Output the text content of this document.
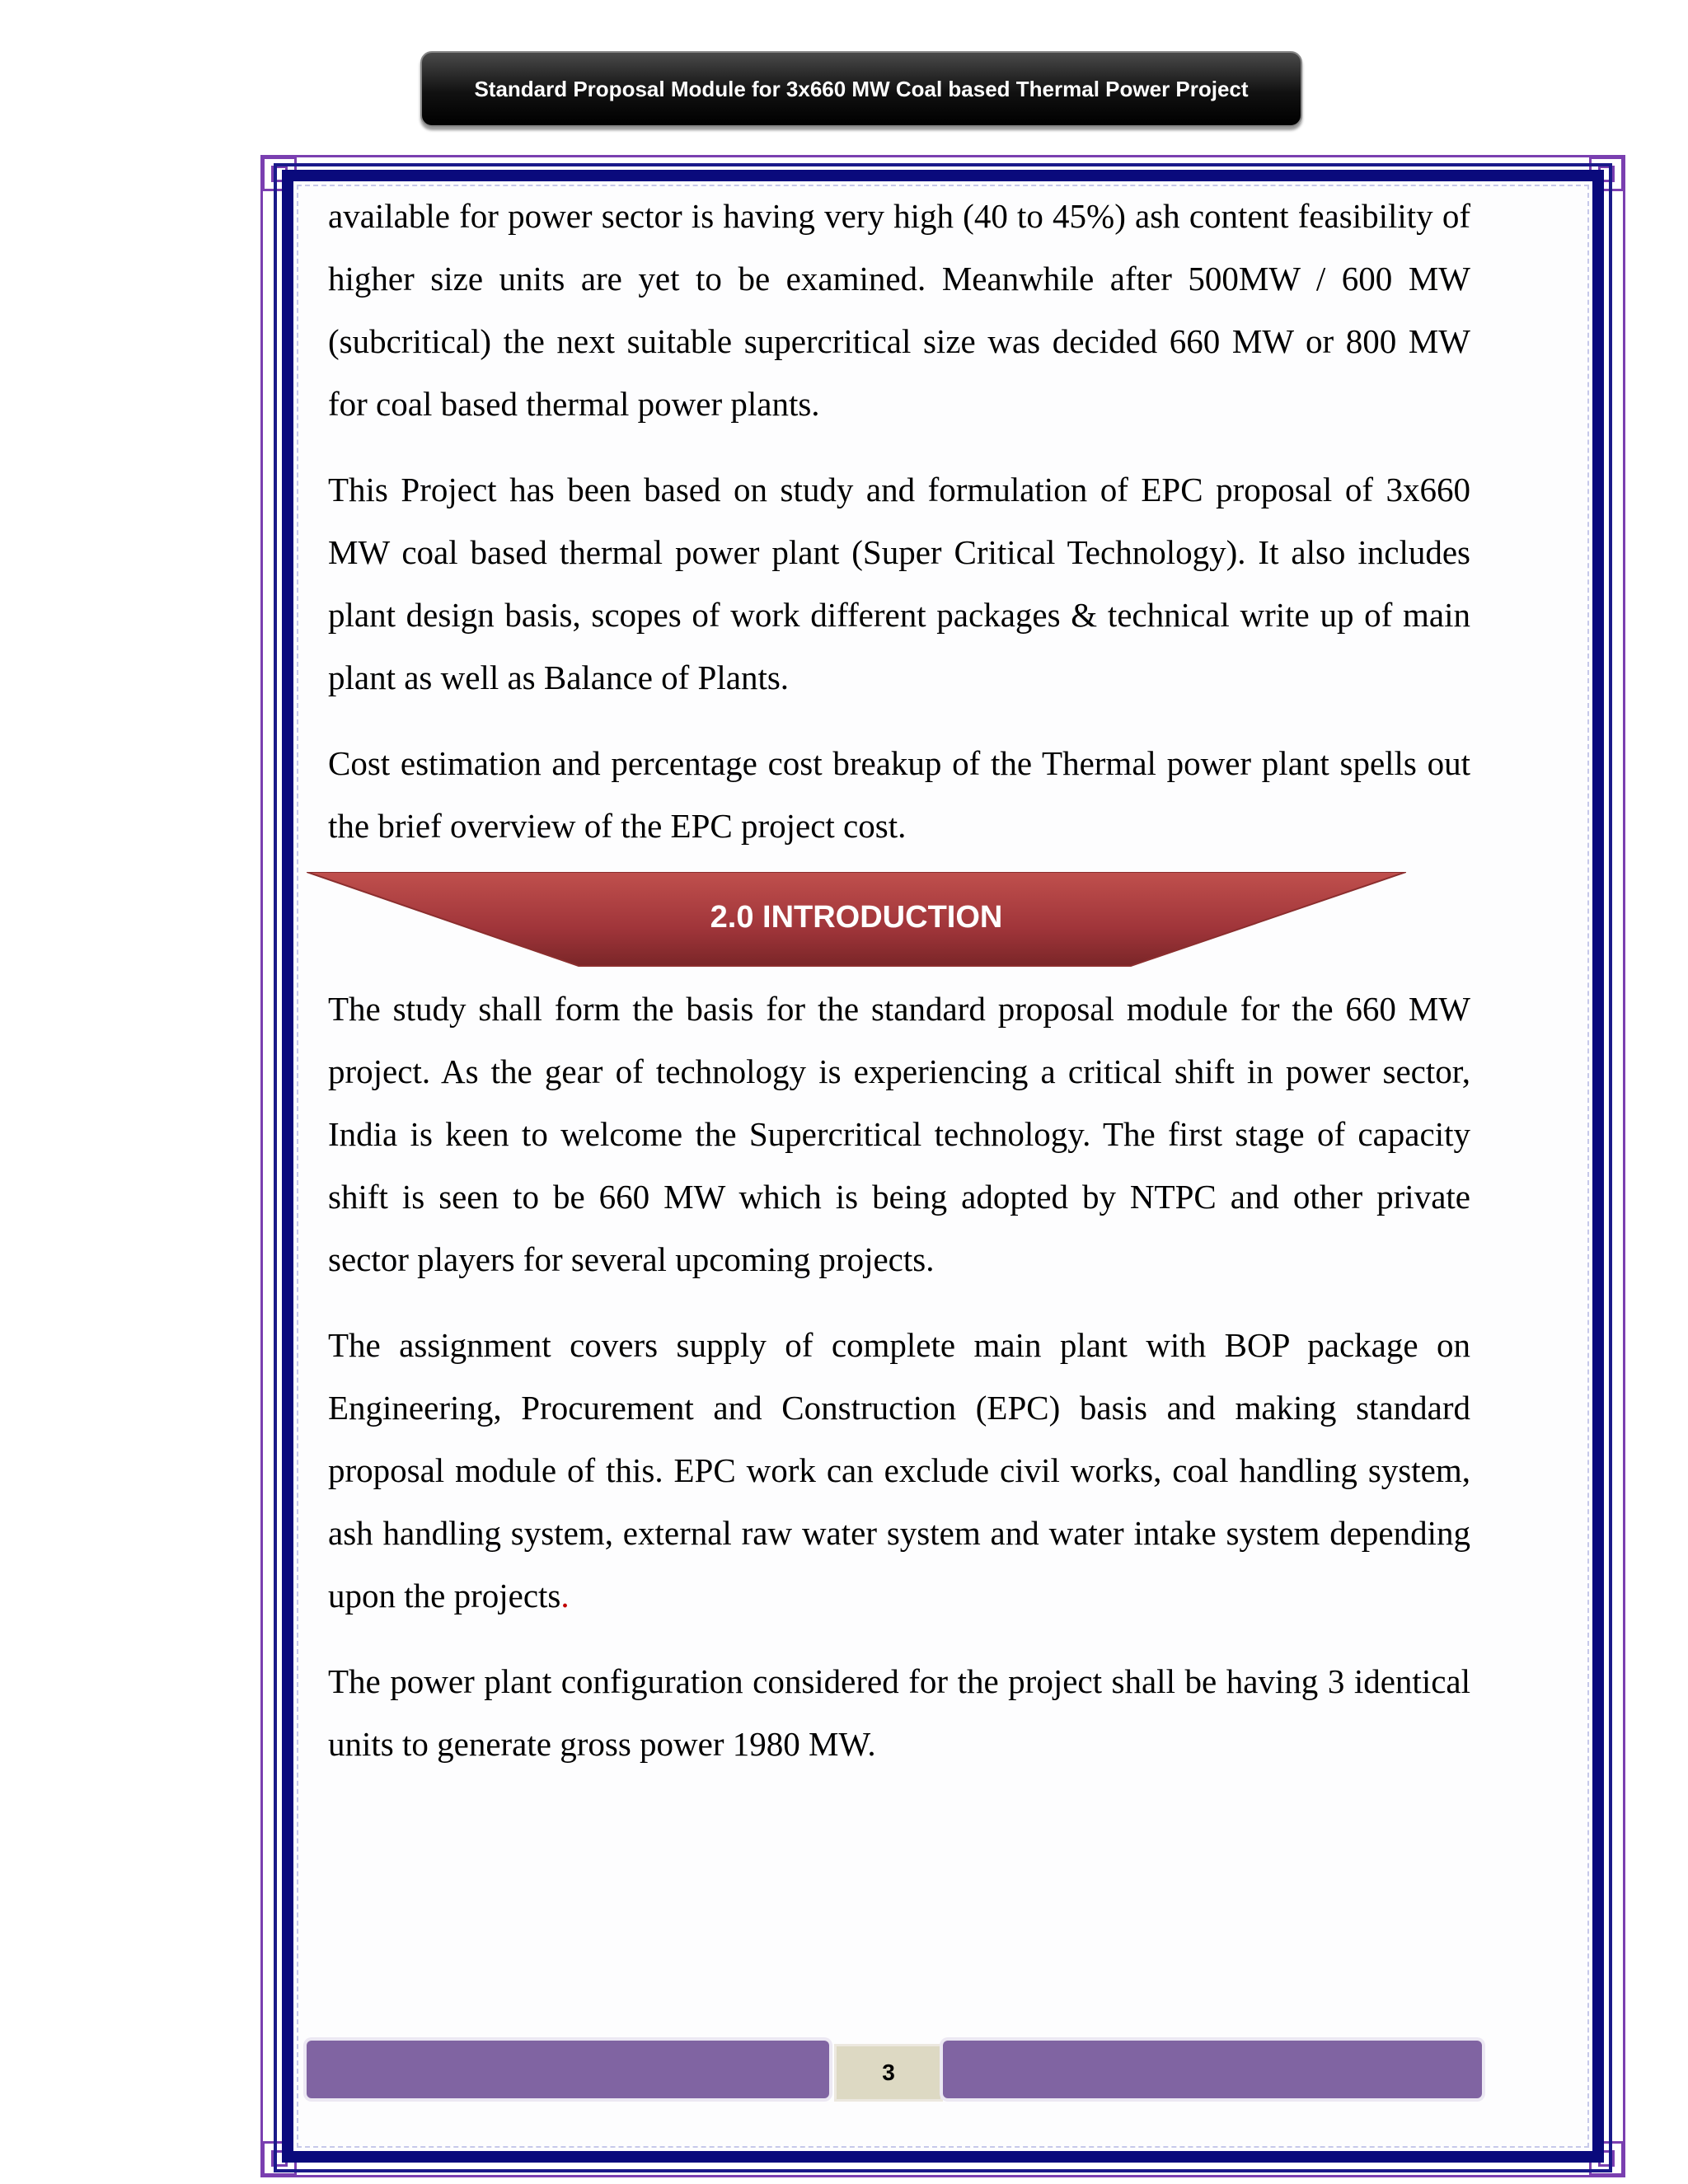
Standard Proposal Module for 3x660 MW Coal based Thermal Power Project

available for power sector is having very high (40 to 45%) ash content feasibility of higher size units are yet to be examined. Meanwhile after 500MW / 600 MW (subcritical) the next suitable supercritical size was decided 660 MW or 800 MW for coal based thermal power plants.

This Project has been based on study and formulation of EPC proposal of 3x660 MW coal based thermal power plant (Super Critical Technology). It also includes plant design basis, scopes of work different packages & technical write up of main plant as well as Balance of Plants.

Cost estimation and percentage cost breakup of the Thermal power plant spells out the brief overview of the EPC project cost.

2.0 INTRODUCTION

The study shall form the basis for the standard proposal module for the 660 MW project. As the gear of technology is experiencing a critical shift in power sector, India is keen to welcome the Supercritical technology. The first stage of capacity shift is seen to be 660 MW which is being adopted by NTPC and other private sector players for several upcoming projects.

The assignment covers supply of complete main plant with BOP package on Engineering, Procurement and Construction (EPC) basis and making standard proposal module of this. EPC work can exclude civil works, coal handling system, ash handling system, external raw water system and water intake system depending upon the projects.

The power plant configuration considered for the project shall be having 3 identical units to generate gross power 1980 MW.

3
